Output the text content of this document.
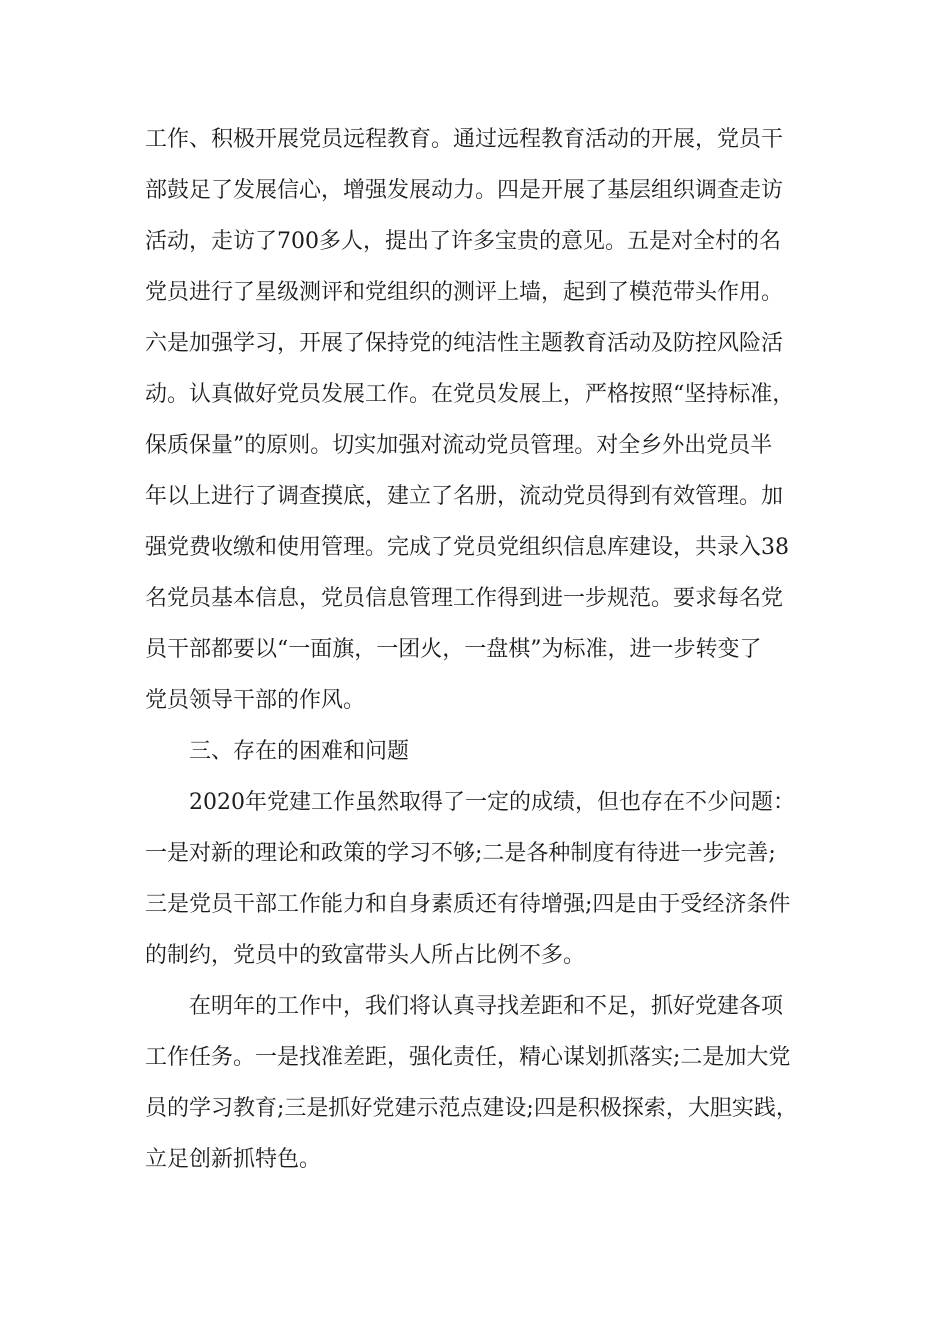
工作、积极开展党员远程教育。通过远程教育活动的开展，党员干
部鼓足了发展信心，增强发展动力。四是开展了基层组织调查走访
活动，走访了700多人，提出了许多宝贵的意见。五是对全村的名
党员进行了星级测评和党组织的测评上墙，起到了模范带头作用。
六是加强学习，开展了保持党的纯洁性主题教育活动及防控风险活
动。认真做好党员发展工作。在党员发展上，严格按照“坚持标准，
保质保量”的原则。切实加强对流动党员管理。对全乡外出党员半
年以上进行了调查摸底，建立了名册，流动党员得到有效管理。加
强党费收缴和使用管理。完成了党员党组织信息库建设，共录入38
名党员基本信息，党员信息管理工作得到进一步规范。要求每名党
员干部都要以“一面旗，一团火，一盘棋”为标准，进一步转变了
党员领导干部的作风。
三、存在的困难和问题
2020年党建工作虽然取得了一定的成绩，但也存在不少问题：
一是对新的理论和政策的学习不够;二是各种制度有待进一步完善;
三是党员干部工作能力和自身素质还有待增强;四是由于受经济条件
的制约，党员中的致富带头人所占比例不多。
在明年的工作中，我们将认真寻找差距和不足，抓好党建各项
工作任务。一是找准差距，强化责任，精心谋划抓落实;二是加大党
员的学习教育;三是抓好党建示范点建设;四是积极探索，大胆实践，
立足创新抓特色。
